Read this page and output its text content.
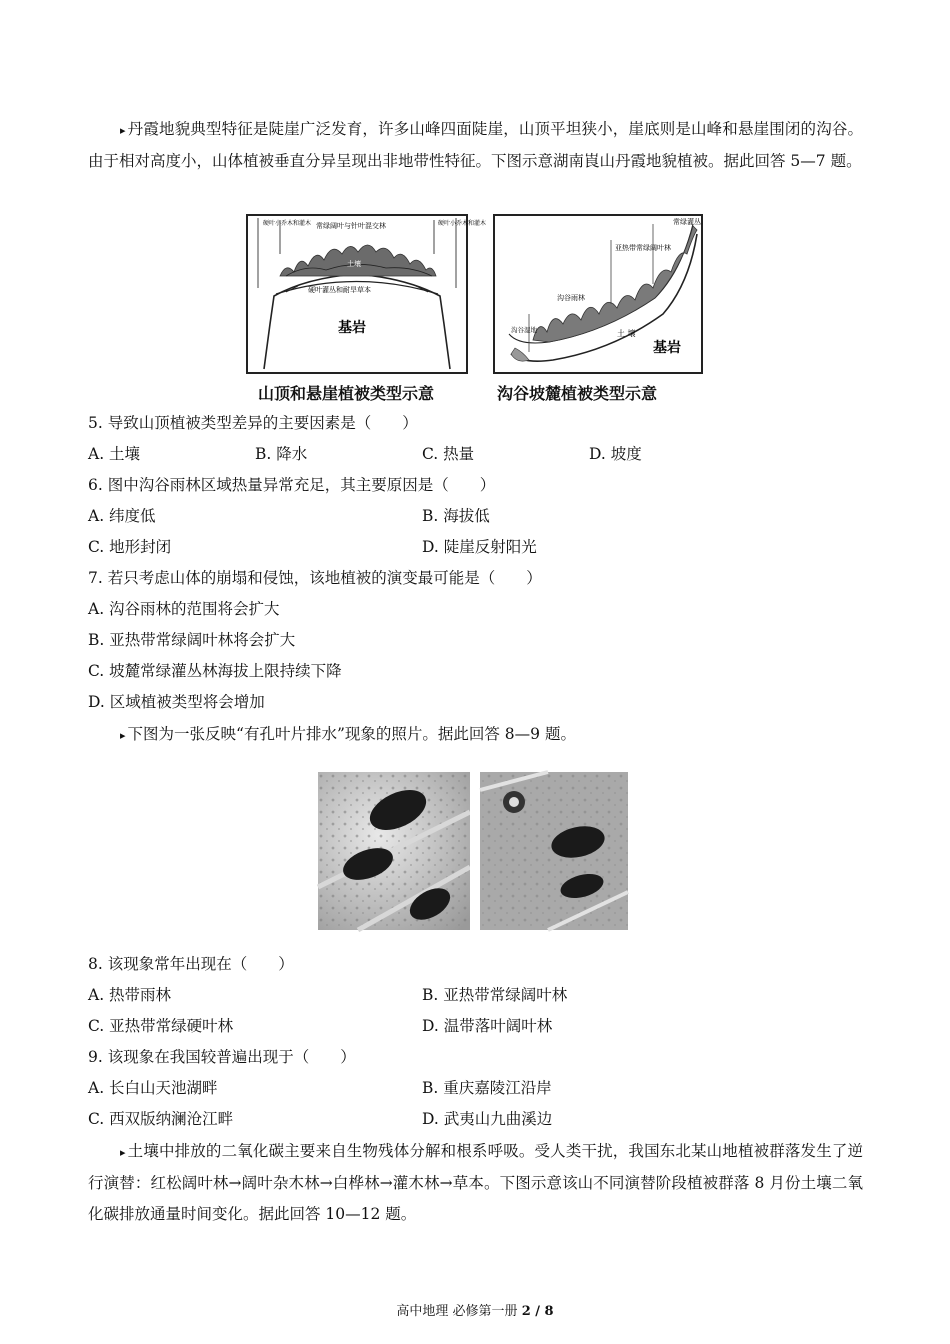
▸ 丹霞地貌典型特征是陡崖广泛发育，许多山峰四面陡崖，山顶平坦狭小，崖底则是山峰和悬崖围闭的沟谷。由于相对高度小，山体植被垂直分异呈现出非地带性特征。下图示意湖南崀山丹霞地貌植被。据此回答 5—7 题。
硬叶小乔木和灌木 常绿阔叶与针叶混交林	硬叶小乔木和灌木
土壤
硬叶灌丛和耐旱草本
基岩
常绿灌丛
亚热带常绿阔叶林
沟谷雨林
沟谷湿地	土 壤
基岩
山顶和悬崖植被类型示意	沟谷坡麓植被类型示意
5. 导致山顶植被类型差异的主要因素是（　　）
A. 土壤	B. 降水	C. 热量	D. 坡度
6. 图中沟谷雨林区域热量异常充足，其主要原因是（　　）
A. 纬度低	B. 海拔低
C. 地形封闭	D. 陡崖反射阳光
7. 若只考虑山体的崩塌和侵蚀，该地植被的演变最可能是（　　）
A. 沟谷雨林的范围将会扩大
B. 亚热带常绿阔叶林将会扩大
C. 坡麓常绿灌丛林海拔上限持续下降
D. 区域植被类型将会增加
▸ 下图为一张反映“有孔叶片排水”现象的照片。据此回答 8—9 题。
8. 该现象常年出现在（　　）
A. 热带雨林	B. 亚热带常绿阔叶林
C. 亚热带常绿硬叶林	D. 温带落叶阔叶林
9. 该现象在我国较普遍出现于（　　）
A. 长白山天池湖畔	B. 重庆嘉陵江沿岸
C. 西双版纳澜沧江畔	D. 武夷山九曲溪边
▸ 土壤中排放的二氧化碳主要来自生物残体分解和根系呼吸。受人类干扰，我国东北某山地植被群落发生了逆行演替：红松阔叶林→阔叶杂木林→白桦林→灌木林→草本。下图示意该山不同演替阶段植被群落 8 月份土壤二氧化碳排放通量时间变化。据此回答 10—12 题。
高中地理 必修第一册 2 / 8
